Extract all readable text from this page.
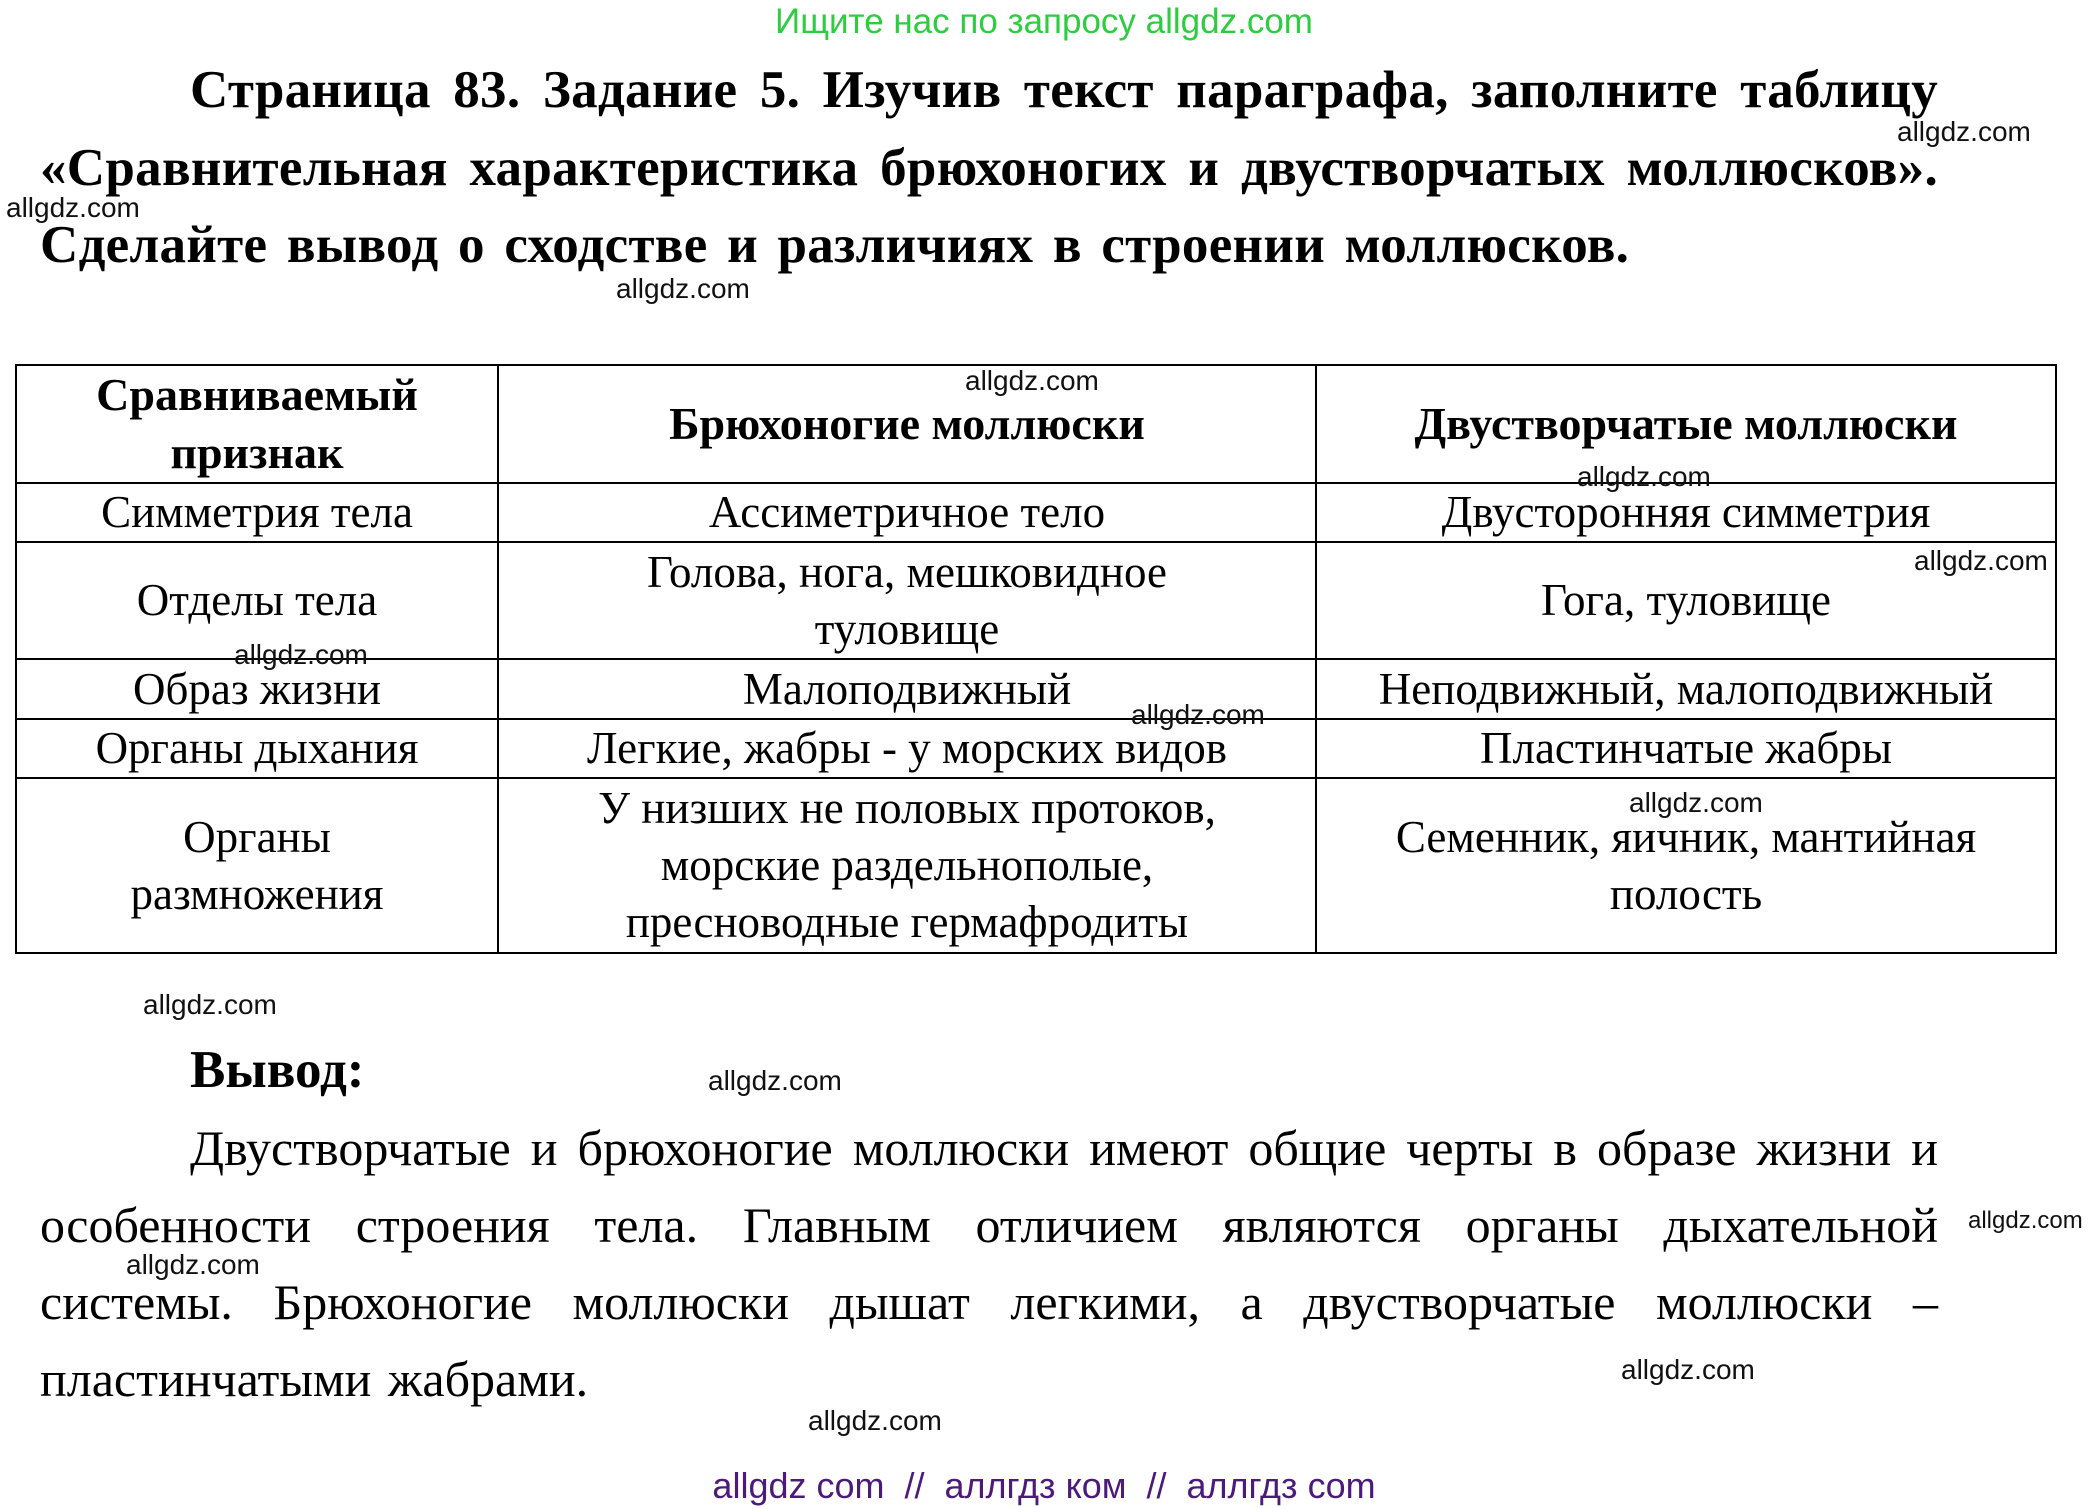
Ищите нас по запросу allgdz.com
Страница 83. Задание 5. Изучив текст параграфа, заполните таблицу «Сравнительная характеристика брюхоногих и двустворчатых моллюсков». Сделайте вывод о сходстве и различиях в строении моллюсков.
Сравниваемый признак	Брюхоногие моллюски	Двустворчатые моллюски
Симметрия тела	Ассиметричное тело	Двусторонняя симметрия
Отделы тела	Голова, нога, мешковидное туловище	Гога, туловище
Образ жизни	Малоподвижный	Неподвижный, малоподвижный
Органы дыхания	Легкие, жабры - у морских видов	Пластинчатые жабры
Органы размножения	У низших не половых протоков, морские раздельнополые, пресноводные гермафродиты	Семенник, яичник, мантийная полость
Вывод:
Двустворчатые и брюхоногие моллюски имеют общие черты в образе жизни и особенности строения тела. Главным отличием являются органы дыхательной системы. Брюхоногие моллюски дышат легкими, а двустворчатые моллюски – пластинчатыми жабрами.
allgdz.com
allgdz.com
allgdz.com
allgdz.com
allgdz.com
allgdz.com
allgdz.com
allgdz.com
allgdz.com
allgdz.com
allgdz.com
allgdz.com
allgdz.com
allgdz.com
allgdz.com
allgdz com  //  аллгдз ком  //  аллгдз com
